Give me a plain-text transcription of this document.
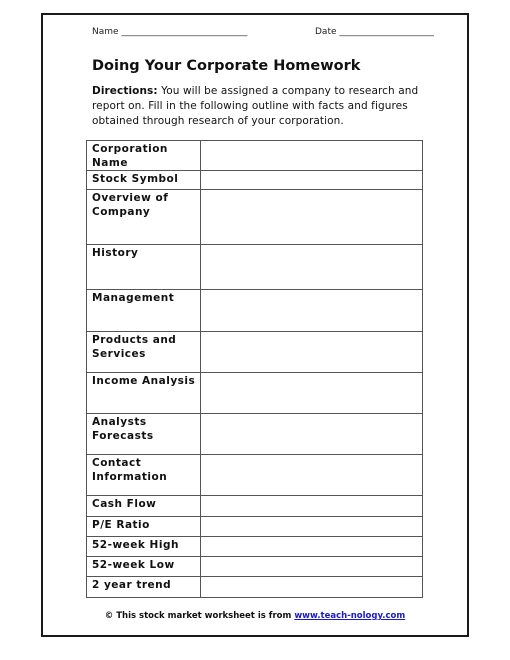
Name ____________________________	Date _____________________
Doing Your Corporate Homework
Directions: You will be assigned a company to research and report on. Fill in the following outline with facts and figures obtained through research of your corporation.
Corporation Name	
Stock Symbol	
Overview of Company	
History	
Management	
Products and Services	
Income Analysis	
Analysts Forecasts	
Contact Information	
Cash Flow	
P/E Ratio	
52-week High	
52-week Low	
2 year trend	
© This stock market worksheet is from www.teach-nology.com
